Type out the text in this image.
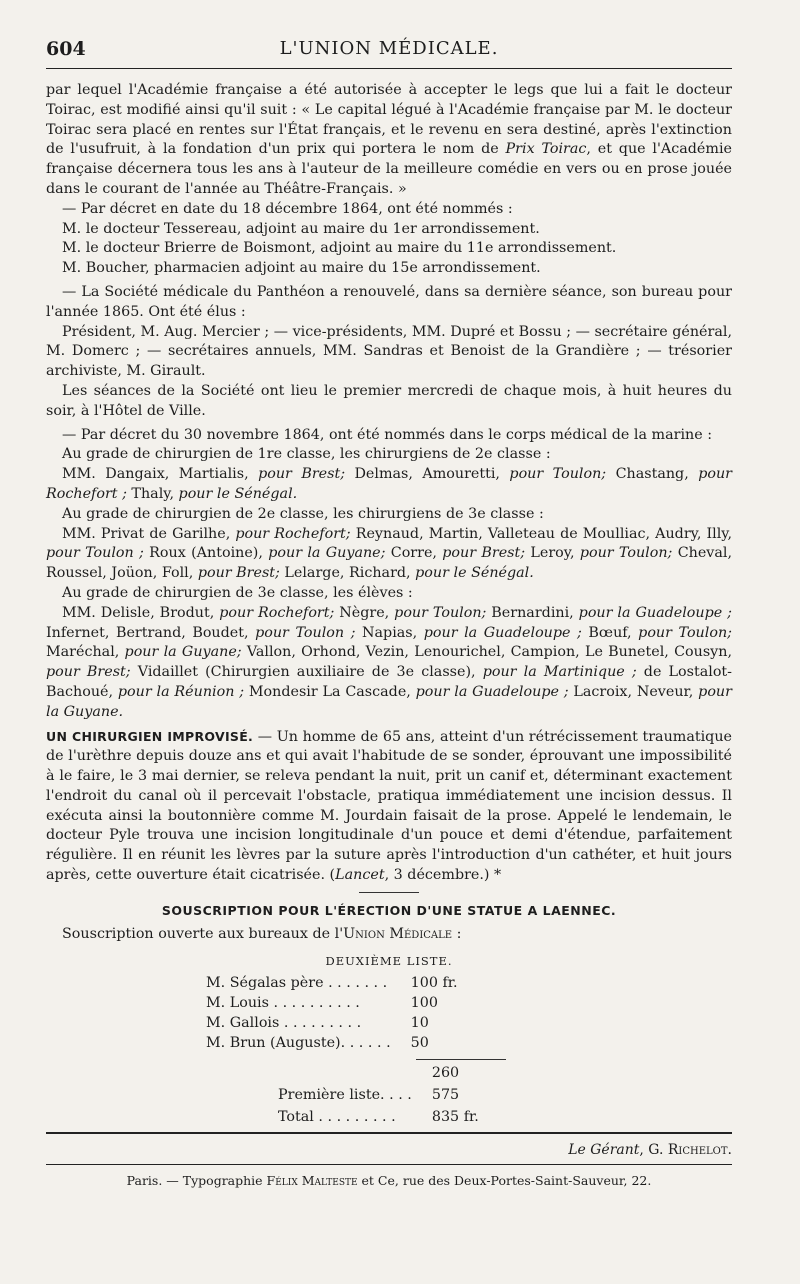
604	L'UNION MÉDICALE.

par lequel l'Académie française a été autorisée à accepter le legs que lui a fait le docteur Toirac, est modifié ainsi qu'il suit : « Le capital légué à l'Académie française par M. le docteur Toirac sera placé en rentes sur l'État français, et le revenu en sera destiné, après l'extinction de l'usufruit, à la fondation d'un prix qui portera le nom de Prix Toirac, et que l'Académie française décernera tous les ans à l'auteur de la meilleure comédie en vers ou en prose jouée dans le courant de l'année au Théâtre-Français. »

— Par décret en date du 18 décembre 1864, ont été nommés :

M. le docteur Tessereau, adjoint au maire du 1er arrondissement.

M. le docteur Brierre de Boismont, adjoint au maire du 11e arrondissement.

M. Boucher, pharmacien adjoint au maire du 15e arrondissement.

— La Société médicale du Panthéon a renouvelé, dans sa dernière séance, son bureau pour l'année 1865. Ont été élus :

Président, M. Aug. Mercier ; — vice-présidents, MM. Dupré et Bossu ; — secrétaire général, M. Domerc ; — secrétaires annuels, MM. Sandras et Benoist de la Grandière ; — trésorier archiviste, M. Girault.

Les séances de la Société ont lieu le premier mercredi de chaque mois, à huit heures du soir, à l'Hôtel de Ville.

— Par décret du 30 novembre 1864, ont été nommés dans le corps médical de la marine :

Au grade de chirurgien de 1re classe, les chirurgiens de 2e classe :

MM. Dangaix, Martialis, pour Brest; Delmas, Amouretti, pour Toulon; Chastang, pour Rochefort ; Thaly, pour le Sénégal.

Au grade de chirurgien de 2e classe, les chirurgiens de 3e classe :

MM. Privat de Garilhe, pour Rochefort; Reynaud, Martin, Valleteau de Moulliac, Audry, Illy, pour Toulon ; Roux (Antoine), pour la Guyane; Corre, pour Brest; Leroy, pour Toulon; Cheval, Roussel, Joüon, Foll, pour Brest; Lelarge, Richard, pour le Sénégal.

Au grade de chirurgien de 3e classe, les élèves :

MM. Delisle, Brodut, pour Rochefort; Nègre, pour Toulon; Bernardini, pour la Guadeloupe ; Infernet, Bertrand, Boudet, pour Toulon ; Napias, pour la Guadeloupe ; Bœuf, pour Toulon; Maréchal, pour la Guyane; Vallon, Orhond, Vezin, Lenourichel, Campion, Le Bunetel, Cousyn, pour Brest; Vidaillet (Chirurgien auxiliaire de 3e classe), pour la Martinique ; de Lostalot-Bachoué, pour la Réunion ; Mondesir La Cascade, pour la Guadeloupe ; Lacroix, Neveur, pour la Guyane.

UN CHIRURGIEN IMPROVISÉ. — Un homme de 65 ans, atteint d'un rétrécissement traumatique de l'urèthre depuis douze ans et qui avait l'habitude de se sonder, éprouvant une impossibilité à le faire, le 3 mai dernier, se releva pendant la nuit, prit un canif et, déterminant exactement l'endroit du canal où il percevait l'obstacle, pratiqua immédiatement une incision dessus. Il exécuta ainsi la boutonnière comme M. Jourdain faisait de la prose. Appelé le lendemain, le docteur Pyle trouva une incision longitudinale d'un pouce et demi d'étendue, parfaitement régulière. Il en réunit les lèvres par la suture après l'introduction d'un cathéter, et huit jours après, cette ouverture était cicatrisée. (Lancet, 3 décembre.) *

SOUSCRIPTION POUR L'ÉRECTION D'UNE STATUE A LAENNEC.

Souscription ouverte aux bureaux de l'Union Médicale :

DEUXIÈME LISTE.
M. Ségalas père . . . . . . .	100 fr.
M. Louis . . . . . . . . . .	100
M. Gallois . . . . . . . . .	10
M. Brun (Auguste). . . . . .	50
	260
Première liste. . . .	575
Total . . . . . . . . .	835 fr.
Le Gérant, G. Richelot.
Paris. — Typographie Félix Malteste et Ce, rue des Deux-Portes-Saint-Sauveur, 22.
